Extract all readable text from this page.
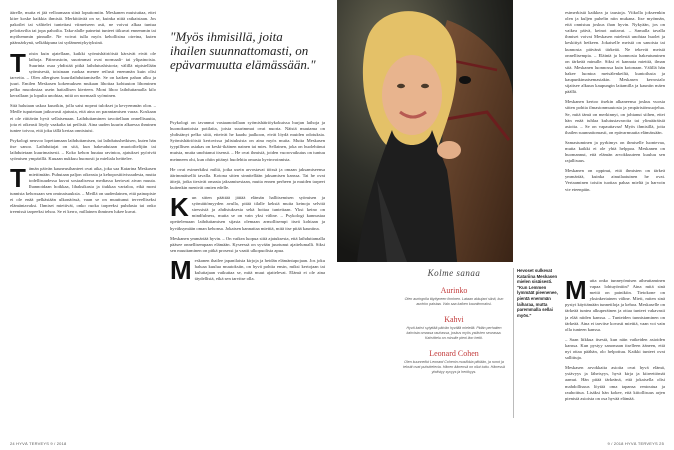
äärelle, mutta ei jää velloamaan siinä loputtomiin. Meskanen muistuttaa, ettei kiire koske kaikkia ihmisiä. Merkittävää on se, kuinka niitä ratkaistaan. Jos pakoilet tai välttelet tunteitasi viimeiseen asti, ne voivat alkaa tuntua pelottavilta tai jopa pahoilta. Taka-alalle painetut tunteet tiikuvat ennemmin tai myöhemmin pinnalle. Ne voivat tulla myös kehollisina oireina, kuten päänsärkynä, selkäkipuna tai sydämentykytyksinä.

Toisin kuin ajatellaan, kaikki syömishäiriöistä kärsivät eivät ole laihoja. Päinvastoin, suurimmat ovat normaali- tai ylipainoisia. Suurinta osaa yhdistää pitkä laihdutushistoria; välillä nipistellään syömisestä, toisinaan ruokaa menee reilusti enemmän kuin olisi tarvetta. – Olen allergisen kuurilaihduttamiselle. Se on kaiken pahan alku ja juuri. Emilen Meskasen kokemuksen mukaan lihottaa kohtuuton lihominen pelko muodostaa usein haitallisen kierteen. Moni lihoo laihduttamalla kilo kerrallaan ja lopulta unohtaa, mitä on normaali syöminen.

Sitä halutaan uskoa kuurikin, jolla saisi nopeat tulokset ja kevyemmän olon. – Medle tuputetaan jatkuvasti ajatusta, että aina on parantamisen varaa. Koskaan ei ole riittävän hyvä sellaisenaan. Laihduttaminen tavoitellaan onnellisuutta, jota ei oikeasti löydy vaakalta tai peilistä. Aina uuden kuurin alkaessa ihminen tuntee toivoa, että joku tällä kertaa onnistuisi.

Psykologi neuvoo lopettamaan laihduttamisen, tai laihdutushetkisen, kuten hän itse sanoo. Laihduttajat on sitä, kun hakeudutaan muotoiltelijiin tai laihdutetaan kuurimaisesti. – Koko kehon huutaa ravintoa, ajatukset pyörivät syömisen ympärillä. Kuuaan nukkuu huonosti ja mieliala heittelee.

Tämän päivän kauneusihanteet ovat aika, joka saa Katarina Meskasen miettimään. Puhutaan paljon oikeasta ja kehopositiivisuudesta, mutta todellisuudessa kuvat sosiaalisessa mediassa kertovat aivan muuta. Ihannoidaan hoikkaa, lihaksikasta ja tiukkaa vartaloa, eikä moni tunnista kehossaan sen ominaisuuksia. – Meillä on uudenlainen, että painopiste ei ole enää pelkästään ulkonäössä, vaan se on muuttunut terveelliseksi elämäntavaksi. Ihmiset miettivät, onko ruoka tarpeeksi puhdasta tai onko treenissä tarpeeksi tehoa. Se ei kerro, millainen ihminen lukee kuvat.

"Myös ihmisillä, joita ihailen suunnattomasti, on epävarmuutta elämässään."

Psykologi on tavannut vastaanotollaan syömishäiriöykokuissa hurjan laihoja ja huonokuntoisia potilaita, joista suurimmat ovat nuoria. Näistä muutama on yhdistänyt pelko siitä, etteivät he kaadu jaalkoon, eivät löydä muiden odotuksia. Syömishäiriöistä kertovissa julistuksista on aina myös muita. Mutta Meskasen tyypillisen asiakas on keski-ikäinen nainen tai mies. Sellainen, joka on huolehtinut muista, mutta unohtanut itsensä. – He ovat ihmisiä, joiden vuorovaikutus on tuntuu meinneen ohi, kun ohiin pitänyt huolehtia omasta hyvinvoinnista.

He ovat esimerkiksi miltä, jotka usein arvostavat töissä ja omaan jaksamiseensa äärimmäisellä tavalla. Kotona sitten sinnitellään jaksamisen kanssa. Tai he ovat äitejä, jotka tiesivät omasta jaksamisestaan, mutta ennen perheen ja muiden tarpeet kuitenkin menivät omien edelle.

Kun sitten päättää jättää elämän hallitsemisen syömisen ja syömättömyyden avulla, pitää tilalle keksiä muita keinoja selvitä stressistä ja ahdistuksesta sekä hoitaa tunteitaan. Yksi keino on mindfulness, mutta se on vain yksi väline. – Psykologi kannustaa opettelemaan laihduttamisen sijasta olemaan armollisempi itseä kohtaan ja hyväksymään oman kehonsa. Jokaisen kannattaa miettiä, mitä itse pitää kauniina.

Meskanen ymmärtää hyvin. – On vaikea luopua siitä ajatuksesta, että laihduttamalla pääsee onnellisempaan elämään. Kyseessä on syvään juurtunut ajattelumalli. Siksi sen muuttaminen on pitkä prosessi ja vaatii ulkopuolista apua.

Meskanen ihailee japanilaisia kirjoja ja heidän elämäntapojaan. Jos joku haluaa kuulua muutoksiin, on hyvä pohtia ensin, miksi kertojaan tai kuluttajaan vaikuttaa se, mitä muut ajattelevat. Elämä ei ole aina täydellistä, eikä sen tarvitse olla.

24 HYVÄ TERVEYS 9 / 2018
Kolme sanaa
Aurinko
Olen auringolla täyttyneen ihminen. Lataan akkujani siinä, kun aurinko paistaa. Valo saa kaiken kauniimmaksi.
Kahvi
Hyvä kahvi sytyttää päivän hyvällä mielellä. Pidän perhaiten kahvista omassa rauhassa, joskus myös ystävien seurassa. Kahvittelu on minulle pieni ilon hetki.
Leonard Cohen
Olen kuunnellut Leonard Cohenin musiikkia pitkään, ja runot ja tekstit ovat puhuttelevia. Hänen äänensä on ollut tuttu. Hänessä yhdistyy syvyys ja herkkyys.
Hevoset sulkevat Katariina Meskasen mielen sisäisesti. "Kun Lemmen lymmäät pieenenee, pientä enemmän laiharaa, mutta paremmalla sellai myös."

esimerkistä kaikkea ja taustoja. Viikolla jokseenkin olen ja kuljen puhelin niin mukana. Itse myönnän, että onnistuu joskus ihan hyvin. Nykyään, jos on vaikea päivä, keinot auttavat. – Samalla tavalla ihmiset voivat Meskasen mielestä unohtaa huolet ja keskittyä hetkeen. Jokaiselle meistä on sanoista tai kunnosta päivänä tärkeää. Ne tekevät meistä onnellisempia. – Eläintä ja luonnosta hakeutuminen on tärkeää minulle. Siksi ei kannata miettiä, ilman sitä. Meskanen luonnossa kuin kotonaan. Välillä hän hakee luontoa metsälenkeiltä, kuntoilusta ja kaupunkimaisemastakin. Meskasen kerrostalo sijaitsee alkuun kaupungin laitamilla ja kauniin mäen päällä.

Meskanen kertoo itsekin alkaneensa joskus vuosia sitten pohtia ilmastonmuutosta ja ympäristönsuojelua. Se, mitä tämä on merkinnyt, on johtanut siihen, ettei hän enää tuhlaa kulutustavaroita tai ylimääräisiä asioita. – Se on vapauttavaa! Myös ihmisillä, joita ihailen suunnattomasti, on epävarmuutta elämässään.

Samastuminen ja pyrkimys on ihmiselle luontevaa, mutta kaikki ei ole yhtä helppoa. Meskanen on huomannut, että elämän arvokkuuteen kuuluu sen rajallisuus.

Meskanen on oppinut, että ihmisten on tärkeä ymmärtää, kuinka ainutlaatuinen he ovat. Vertaaminen toisiin tuottaa pahaa mieltä ja harvoin vie eteenpäin.

Mutta onko tunneyömisen aiheuttaminen vapaa lohtuyöntiin? Aina mitä sinä meitä on painikiin. Tietokone on yksinkertainen väline. Mieti, miten sinä pystyt käyttämään tunnetiloja ja kehoa. Meskaselle on tärkeää tuntea alkuperäinen ja ottaa tunteet vakavasti ja elää niiden kanssa. – Tunteiden tunnistaminen on tärkeää. Aina ei tarvitse kovasti miettiä, vaan voi vain olla tunteen kanssa.

– Saan liikkua itsestä, kun näin vaikeiden asioiden kanssa. Kun pystyy sanomaan itselleen ääneen, että nyt ottaa päähän, olo helpottuu. Kaikki tunteet ovat sallittuja.

Meskasen arvokkaita asioita ovat hyvä elämä, ystävyys ja läheisyys, hyvä kirja ja kiireettömät aamut. Hän pitää tärkeänä, että jokaisella olisi mahdollisuus löytää oma tapansa rentoutua ja rauhoittua. Lisäksi hän kokee, että kiitollisuus arjen pienistä asioista on osa hyvää elämää.

9 / 2018 HYVÄ TERVEYS 25
